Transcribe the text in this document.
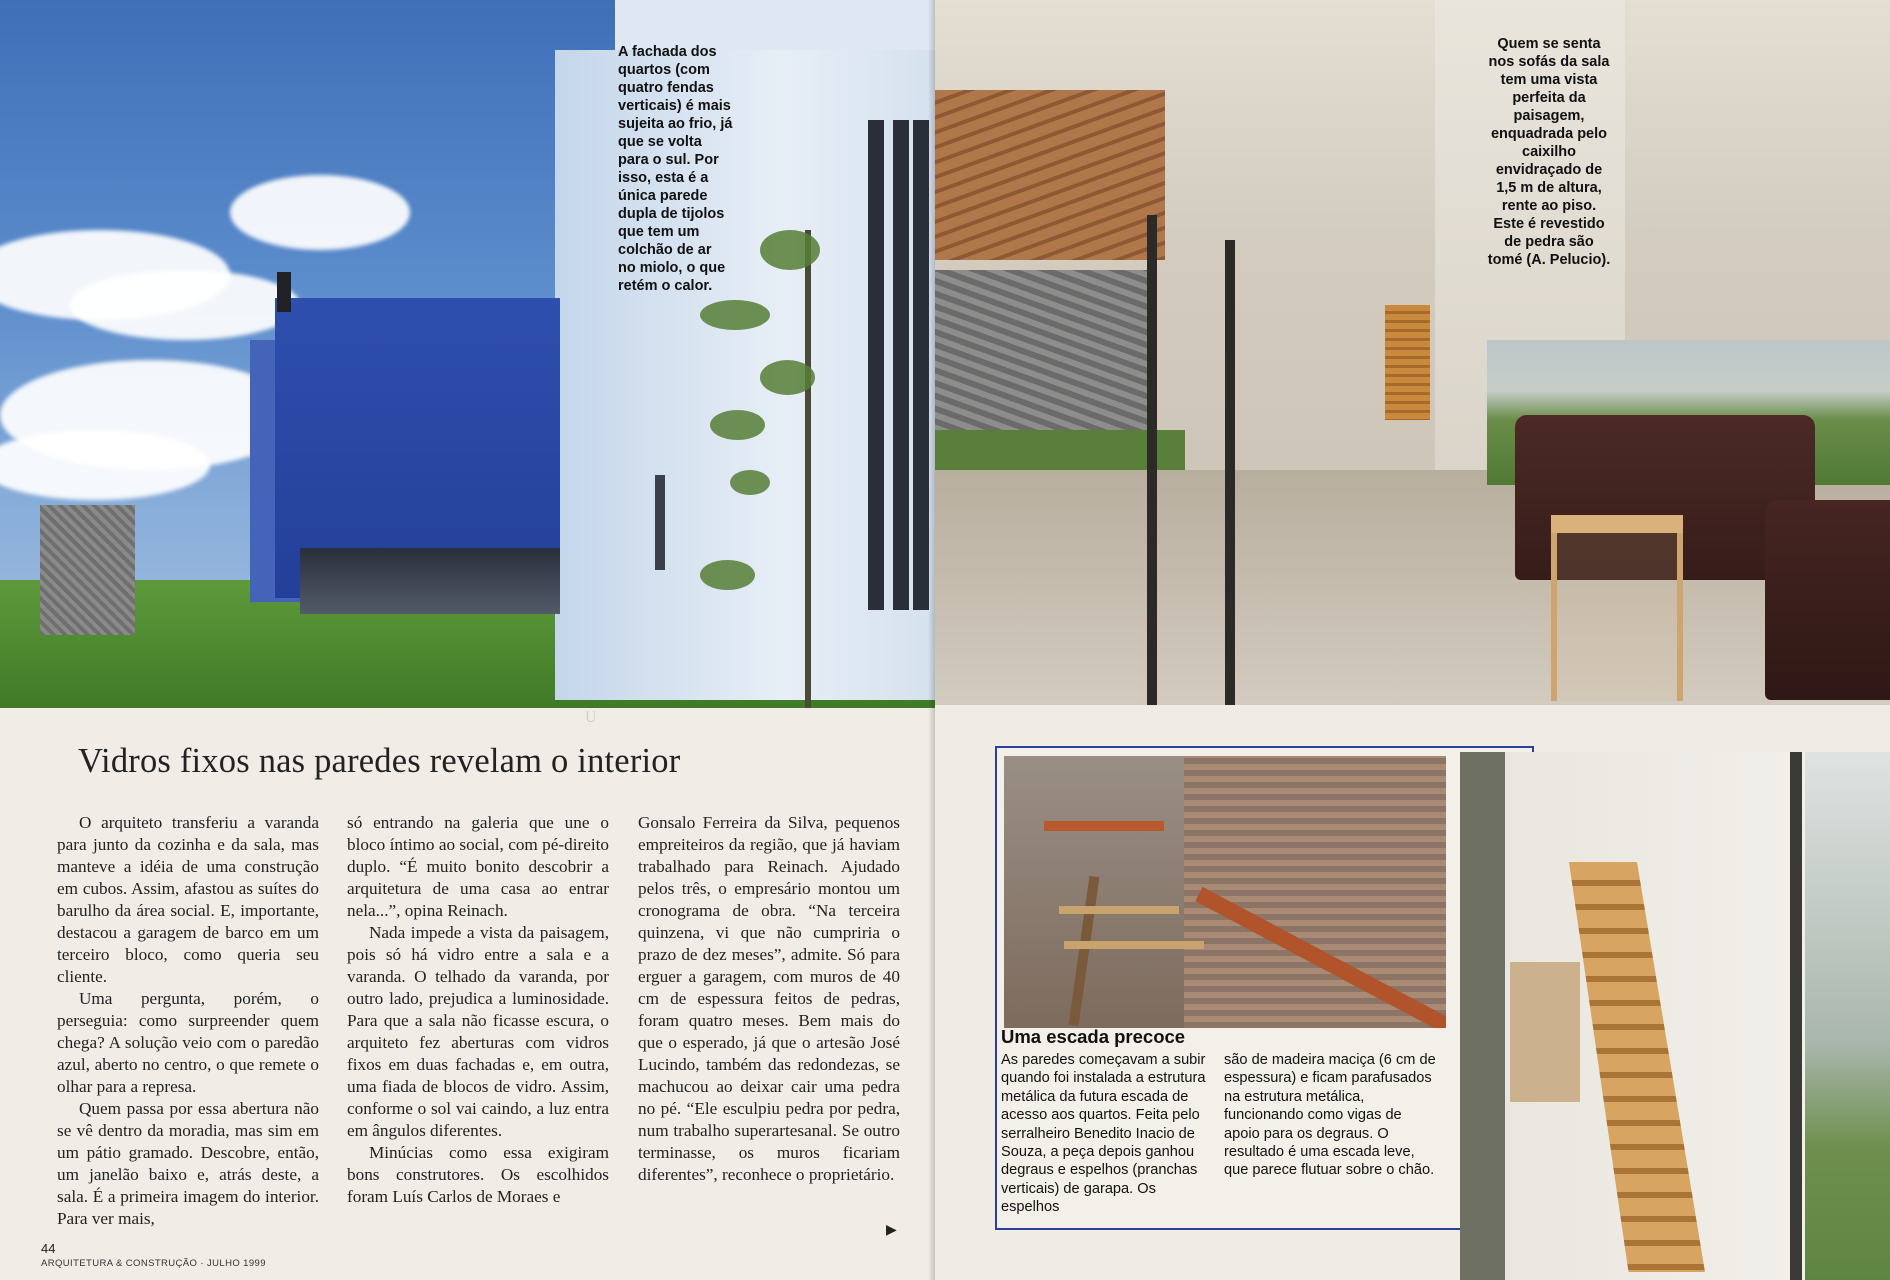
A fachada dos quartos (com quatro fendas verticais) é mais sujeita ao frio, já que se volta para o sul. Por isso, esta é a única parede dupla de tijolos que tem um colchão de ar no miolo, o que retém o calor.
U
Vidros fixos nas paredes revelam o interior

O arquiteto transferiu a varanda para junto da cozinha e da sala, mas manteve a idéia de uma construção em cubos. Assim, afastou as suítes do barulho da área social. E, importante, destacou a garagem de barco em um terceiro bloco, como queria seu cliente.

Uma pergunta, porém, o perseguia: como surpreender quem chega? A solução veio com o paredão azul, aberto no centro, o que remete o olhar para a represa.

Quem passa por essa abertura não se vê dentro da moradia, mas sim em um pátio gramado. Descobre, então, um janelão baixo e, atrás deste, a sala. É a primeira imagem do interior. Para ver mais,

só entrando na galeria que une o bloco íntimo ao social, com pé-direito duplo. “É muito bonito descobrir a arquitetura de uma casa ao entrar nela...”, opina Reinach.

Nada impede a vista da paisagem, pois só há vidro entre a sala e a varanda. O telhado da varanda, por outro lado, prejudica a luminosidade. Para que a sala não ficasse escura, o arquiteto fez aberturas com vidros fixos em duas fachadas e, em outra, uma fiada de blocos de vidro. Assim, conforme o sol vai caindo, a luz entra em ângulos diferentes.

Minúcias como essa exigiram bons construtores. Os escolhidos foram Luís Carlos de Moraes e

Gonsalo Ferreira da Silva, pequenos empreiteiros da região, que já haviam trabalhado para Reinach. Ajudado pelos três, o empresário montou um cronograma de obra. “Na terceira quinzena, vi que não cumpriria o prazo de dez meses”, admite. Só para erguer a garagem, com muros de 40 cm de espessura feitos de pedras, foram quatro meses. Bem mais do que o esperado, já que o artesão José Lucindo, também das redondezas, se machucou ao deixar cair uma pedra no pé. “Ele esculpiu pedra por pedra, num trabalho superartesanal. Se outro terminasse, os muros ficariam diferentes”, reconhece o proprietário.

▶
44
ARQUITETURA & CONSTRUÇÃO · JULHO 1999
Quem se senta nos sofás da sala tem uma vista perfeita da paisagem, enquadrada pelo caixilho envidraçado de 1,5 m de altura, rente ao piso. Este é revestido de pedra são tomé (A. Pelucio).
Uma escada precoce
As paredes começavam a subir quando foi instalada a estrutura metálica da futura escada de acesso aos quartos. Feita pelo serralheiro Benedito Inacio de Souza, a peça depois ganhou degraus e espelhos (pranchas verticais) de garapa. Os espelhos
são de madeira maciça (6 cm de espessura) e ficam parafusados na estrutura metálica, funcionando como vigas de apoio para os degraus. O resultado é uma escada leve, que parece flutuar sobre o chão.
